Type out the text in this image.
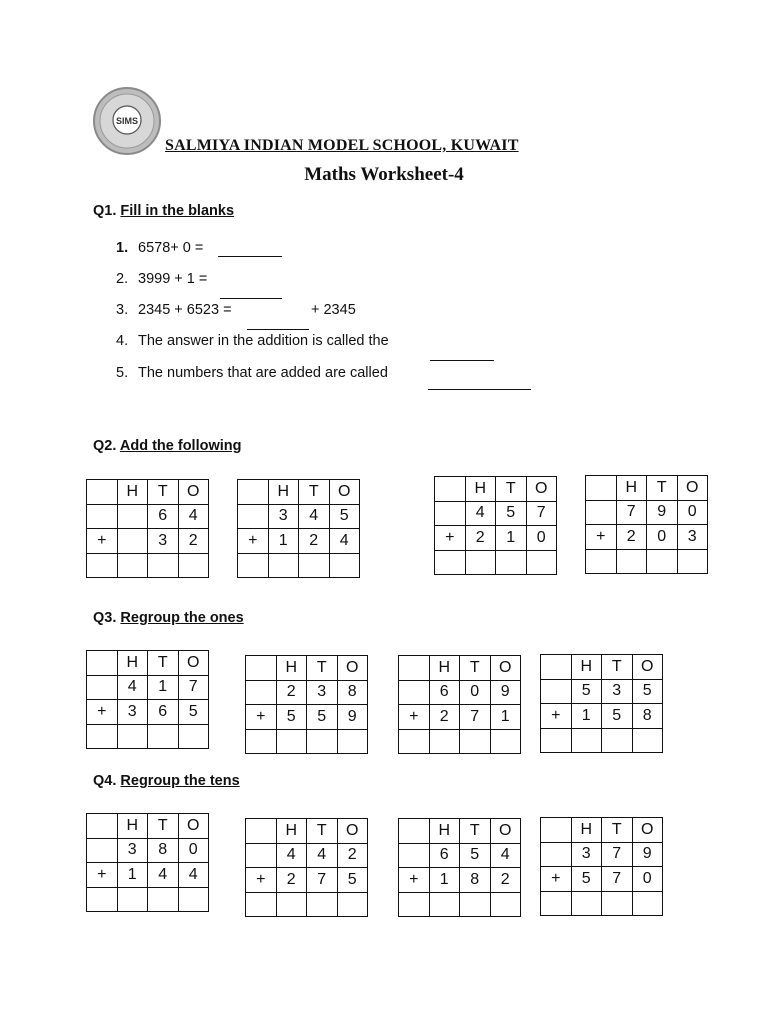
SIMS
SALMIYA INDIAN MODEL SCHOOL, KUWAIT
Maths Worksheet-4
Q1. Fill in the blanks
1. 6578+ 0 =
2. 3999 + 1 =
3. 2345 + 6523 =	+ 2345
4. The answer in the addition is called the
5. The numbers that are added are called
Q2. Add the following
	H	T	O
		6	4
+		3	2

	H	T	O
	3	4	5
+	1	2	4

	H	T	O
	4	5	7
+	2	1	0

	H	T	O
	7	9	0
+	2	0	3

Q3. Regroup the ones
	H	T	O
	4	1	7
+	3	6	5

	H	T	O
	2	3	8
+	5	5	9

	H	T	O
	6	0	9
+	2	7	1

	H	T	O
	5	3	5
+	1	5	8

Q4. Regroup the tens
	H	T	O
	3	8	0
+	1	4	4

	H	T	O
	4	4	2
+	2	7	5

	H	T	O
	6	5	4
+	1	8	2

	H	T	O
	3	7	9
+	5	7	0
